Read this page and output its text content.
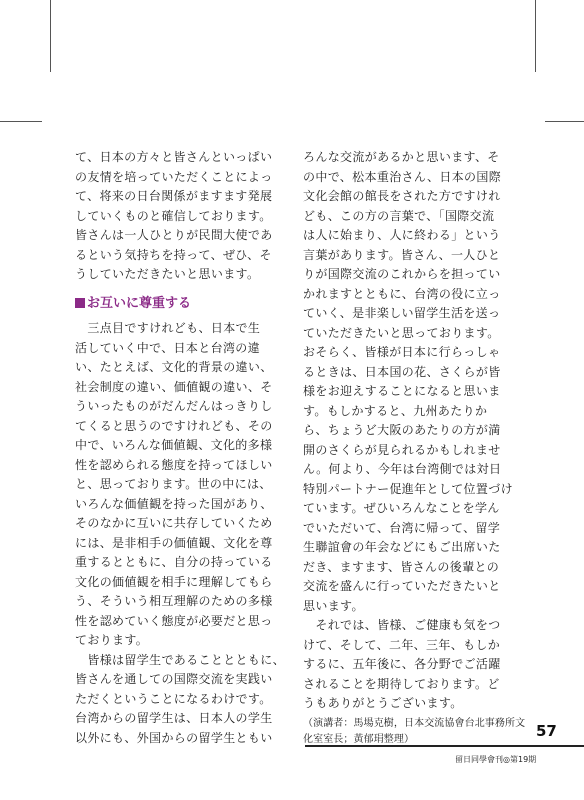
て、日本の方々と皆さんといっぱい
の友情を培っていただくことによっ
て、将来の日台関係がますます発展
していくものと確信しております。
皆さんは一人ひとりが民間大使であ
るという気持ちを持って、ぜひ、そ
うしていただきたいと思います。
お互いに尊重する
　三点目ですけれども、日本で生
活していく中で、日本と台湾の違
い、たとえば、文化的背景の違い、
社会制度の違い、価値観の違い、そ
ういったものがだんだんはっきりし
てくると思うのですけれども、その
中で、いろんな価値観、文化的多様
性を認められる態度を持ってほしい
と、思っております。世の中には、
いろんな価値観を持った国があり、
そのなかに互いに共存していくため
には、是非相手の価値観、文化を尊
重するとともに、自分の持っている
文化の価値観を相手に理解してもら
う、そういう相互理解のための多様
性を認めていく態度が必要だと思っ
ております。
　皆様は留学生であることとともに、
皆さんを通しての国際交流を実践い
ただくということになるわけです。
台湾からの留学生は、日本人の学生
以外にも、外国からの留学生ともい
ろんな交流があるかと思います、そ
の中で、松本重治さん、日本の国際
文化会館の館長をされた方ですけれ
ども、この方の言葉で、「国際交流
は人に始まり、人に終わる」という
言葉があります。皆さん、一人ひと
りが国際交流のこれからを担ってい
かれますとともに、台湾の役に立っ
ていく、是非楽しい留学生活を送っ
ていただきたいと思っております。
おそらく、皆様が日本に行らっしゃ
るときは、日本国の花、さくらが皆
様をお迎えすることになると思いま
す。もしかすると、九州あたりか
ら、ちょうど大阪のあたりの方が満
開のさくらが見られるかもしれませ
ん。何より、今年は台湾側では対日
特別パートナー促進年として位置づけ
ています。ぜひいろんなことを学ん
でいただいて、台湾に帰って、留学
生聯誼會の年会などにもご出席いた
だき、ますます、皆さんの後輩との
交流を盛んに行っていただきたいと
思います。
　それでは、皆様、ご健康も気をつ
けて、そして、二年、三年、もしか
するに、五年後に、各分野でご活躍
されることを期待しております。ど
うもありがとうございます。
（演講者：馬場克樹，日本交流協會台北事務所文
化室室長；黃郁琄整理）	57
留日同學會刊◎第19期
